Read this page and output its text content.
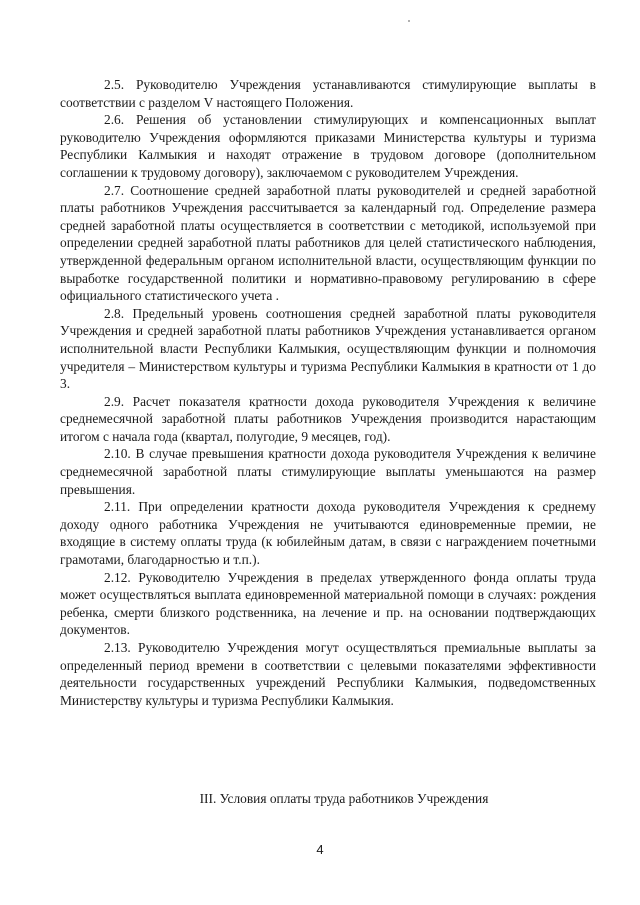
2.5. Руководителю Учреждения устанавливаются стимулирующие выплаты в соответствии с разделом V настоящего Положения.

2.6. Решения об установлении стимулирующих и компенсационных выплат руководителю Учреждения оформляются приказами Министерства культуры и туризма Республики Калмыкия и находят отражение в трудовом договоре (дополнительном соглашении к трудовому договору), заключаемом с руководителем Учреждения.

2.7. Соотношение средней заработной платы руководителей и средней заработной платы работников Учреждения рассчитывается за календарный год. Определение размера средней заработной платы осуществляется в соответствии с методикой, используемой при определении средней заработной платы работников для целей статистического наблюдения, утвержденной федеральным органом исполнительной власти, осуществляющим функции по выработке государственной политики и нормативно-правовому регулированию в сфере официального статистического учета .

2.8. Предельный уровень соотношения средней заработной платы руководителя Учреждения и средней заработной платы работников Учреждения устанавливается органом исполнительной власти Республики Калмыкия, осуществляющим функции и полномочия учредителя – Министерством культуры и туризма Республики Калмыкия в кратности от 1 до 3.

2.9. Расчет показателя кратности дохода руководителя Учреждения к величине среднемесячной заработной платы работников Учреждения производится нарастающим итогом с начала года (квартал, полугодие, 9 месяцев, год).

2.10. В случае превышения кратности дохода руководителя Учреждения к величине среднемесячной заработной платы стимулирующие выплаты уменьшаются на размер превышения.

2.11. При определении кратности дохода руководителя Учреждения к среднему доходу одного работника Учреждения не учитываются единовременные премии, не входящие в систему оплаты труда (к юбилейным датам, в связи с награждением почетными грамотами, благодарностью и т.п.).

2.12. Руководителю Учреждения в пределах утвержденного фонда оплаты труда может осуществляться выплата единовременной материальной помощи в случаях: рождения ребенка, смерти близкого родственника, на лечение и пр. на основании подтверждающих документов.

2.13. Руководителю Учреждения могут осуществляться премиальные выплаты за определенный период времени в соответствии с целевыми показателями эффективности деятельности государственных учреждений Республики Калмыкия, подведомственных Министерству культуры и туризма Республики Калмыкия.

III. Условия оплаты труда работников Учреждения

4
